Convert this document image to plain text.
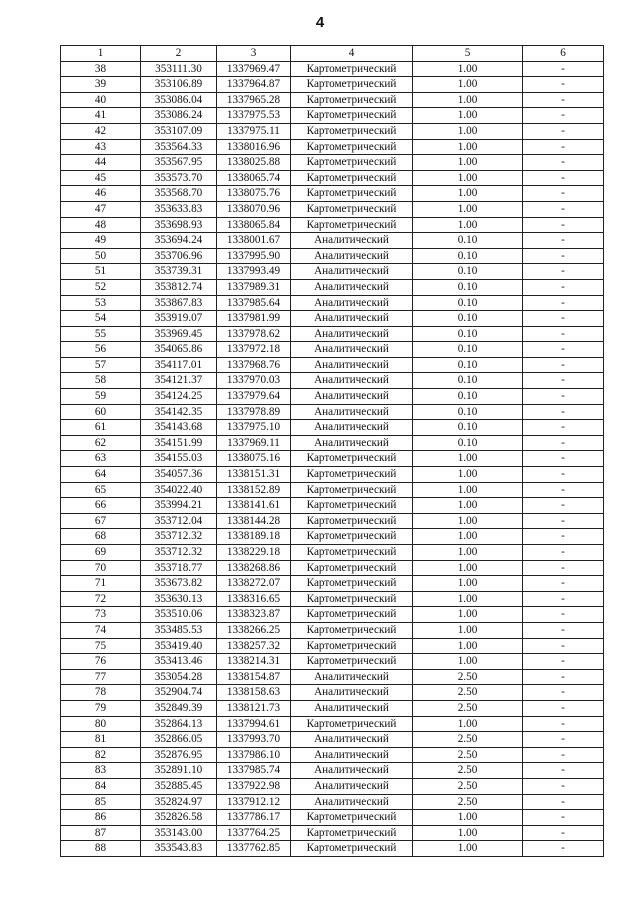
4
1	2	3	4	5	6
38	353111.30	1337969.47	Картометрический	1.00	-
39	353106.89	1337964.87	Картометрический	1.00	-
40	353086.04	1337965.28	Картометрический	1.00	-
41	353086.24	1337975.53	Картометрический	1.00	-
42	353107.09	1337975.11	Картометрический	1.00	-
43	353564.33	1338016.96	Картометрический	1.00	-
44	353567.95	1338025.88	Картометрический	1.00	-
45	353573.70	1338065.74	Картометрический	1.00	-
46	353568.70	1338075.76	Картометрический	1.00	-
47	353633.83	1338070.96	Картометрический	1.00	-
48	353698.93	1338065.84	Картометрический	1.00	-
49	353694.24	1338001.67	Аналитический	0.10	-
50	353706.96	1337995.90	Аналитический	0.10	-
51	353739.31	1337993.49	Аналитический	0.10	-
52	353812.74	1337989.31	Аналитический	0.10	-
53	353867.83	1337985.64	Аналитический	0.10	-
54	353919.07	1337981.99	Аналитический	0.10	-
55	353969.45	1337978.62	Аналитический	0.10	-
56	354065.86	1337972.18	Аналитический	0.10	-
57	354117.01	1337968.76	Аналитический	0.10	-
58	354121.37	1337970.03	Аналитический	0.10	-
59	354124.25	1337979.64	Аналитический	0.10	-
60	354142.35	1337978.89	Аналитический	0.10	-
61	354143.68	1337975.10	Аналитический	0.10	-
62	354151.99	1337969.11	Аналитический	0.10	-
63	354155.03	1338075.16	Картометрический	1.00	-
64	354057.36	1338151.31	Картометрический	1.00	-
65	354022.40	1338152.89	Картометрический	1.00	-
66	353994.21	1338141.61	Картометрический	1.00	-
67	353712.04	1338144.28	Картометрический	1.00	-
68	353712.32	1338189.18	Картометрический	1.00	-
69	353712.32	1338229.18	Картометрический	1.00	-
70	353718.77	1338268.86	Картометрический	1.00	-
71	353673.82	1338272.07	Картометрический	1.00	-
72	353630.13	1338316.65	Картометрический	1.00	-
73	353510.06	1338323.87	Картометрический	1.00	-
74	353485.53	1338266.25	Картометрический	1.00	-
75	353419.40	1338257.32	Картометрический	1.00	-
76	353413.46	1338214.31	Картометрический	1.00	-
77	353054.28	1338154.87	Аналитический	2.50	-
78	352904.74	1338158.63	Аналитический	2.50	-
79	352849.39	1338121.73	Аналитический	2.50	-
80	352864.13	1337994.61	Картометрический	1.00	-
81	352866.05	1337993.70	Аналитический	2.50	-
82	352876.95	1337986.10	Аналитический	2.50	-
83	352891.10	1337985.74	Аналитический	2.50	-
84	352885.45	1337922.98	Аналитический	2.50	-
85	352824.97	1337912.12	Аналитический	2.50	-
86	352826.58	1337786.17	Картометрический	1.00	-
87	353143.00	1337764.25	Картометрический	1.00	-
88	353543.83	1337762.85	Картометрический	1.00	-
